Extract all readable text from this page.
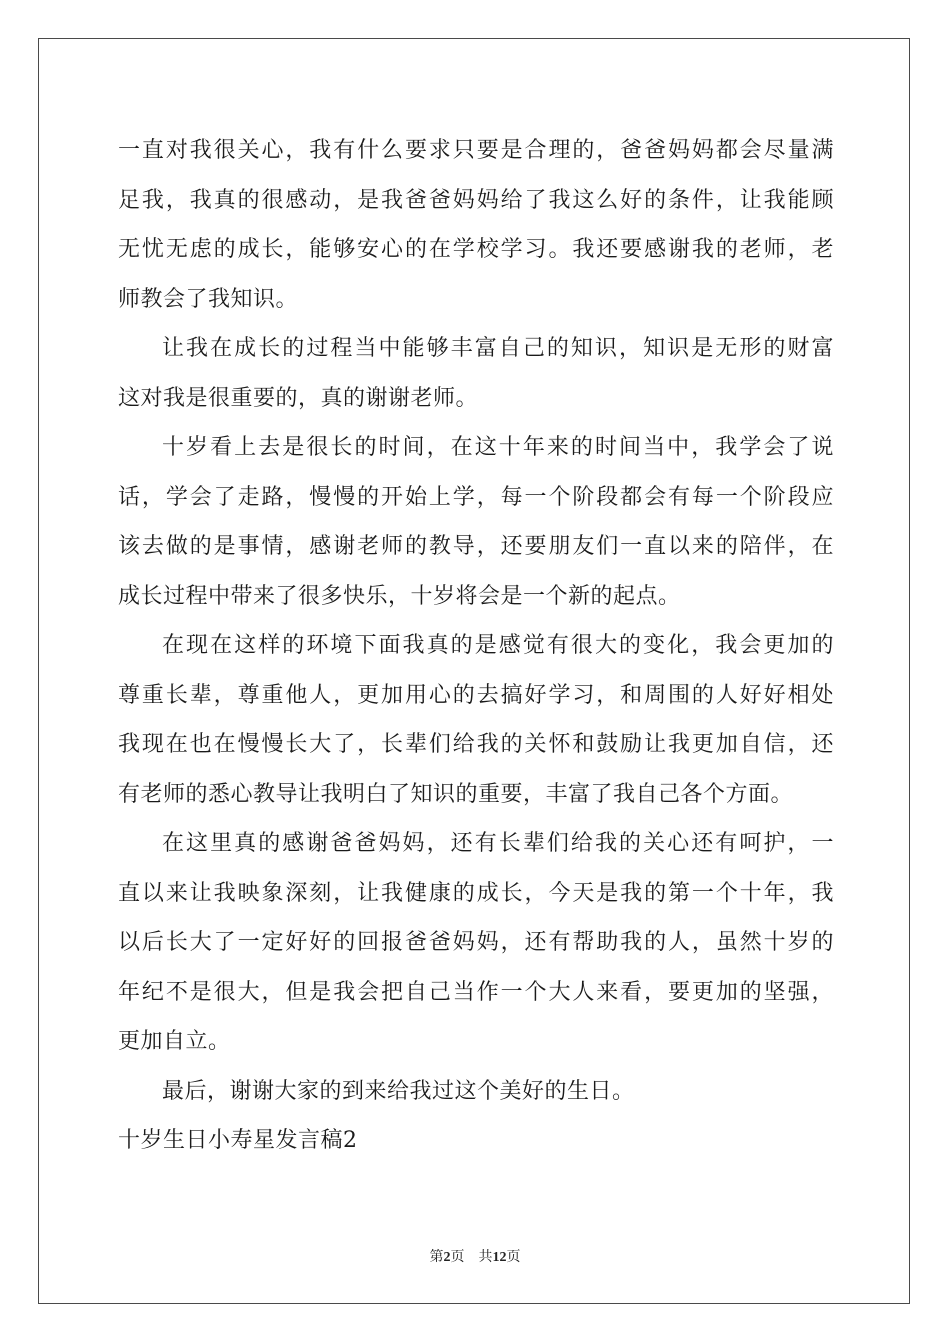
一直对我很关心，我有什么要求只要是合理的，爸爸妈妈都会尽量满
足我，我真的很感动，是我爸爸妈妈给了我这么好的条件，让我能顾
无忧无虑的成长，能够安心的在学校学习。我还要感谢我的老师，老
师教会了我知识。
让我在成长的过程当中能够丰富自己的知识，知识是无形的财富
这对我是很重要的，真的谢谢老师。
十岁看上去是很长的时间，在这十年来的时间当中，我学会了说
话，学会了走路，慢慢的开始上学，每一个阶段都会有每一个阶段应
该去做的是事情，感谢老师的教导，还要朋友们一直以来的陪伴，在
成长过程中带来了很多快乐，十岁将会是一个新的起点。
在现在这样的环境下面我真的是感觉有很大的变化，我会更加的
尊重长辈，尊重他人，更加用心的去搞好学习，和周围的人好好相处
我现在也在慢慢长大了，长辈们给我的关怀和鼓励让我更加自信，还
有老师的悉心教导让我明白了知识的重要，丰富了我自己各个方面。
在这里真的感谢爸爸妈妈，还有长辈们给我的关心还有呵护，一
直以来让我映象深刻，让我健康的成长，今天是我的第一个十年，我
以后长大了一定好好的回报爸爸妈妈，还有帮助我的人，虽然十岁的
年纪不是很大，但是我会把自己当作一个大人来看，要更加的坚强，
更加自立。
最后，谢谢大家的到来给我过这个美好的生日。
十岁生日小寿星发言稿2
第2页 共12页
